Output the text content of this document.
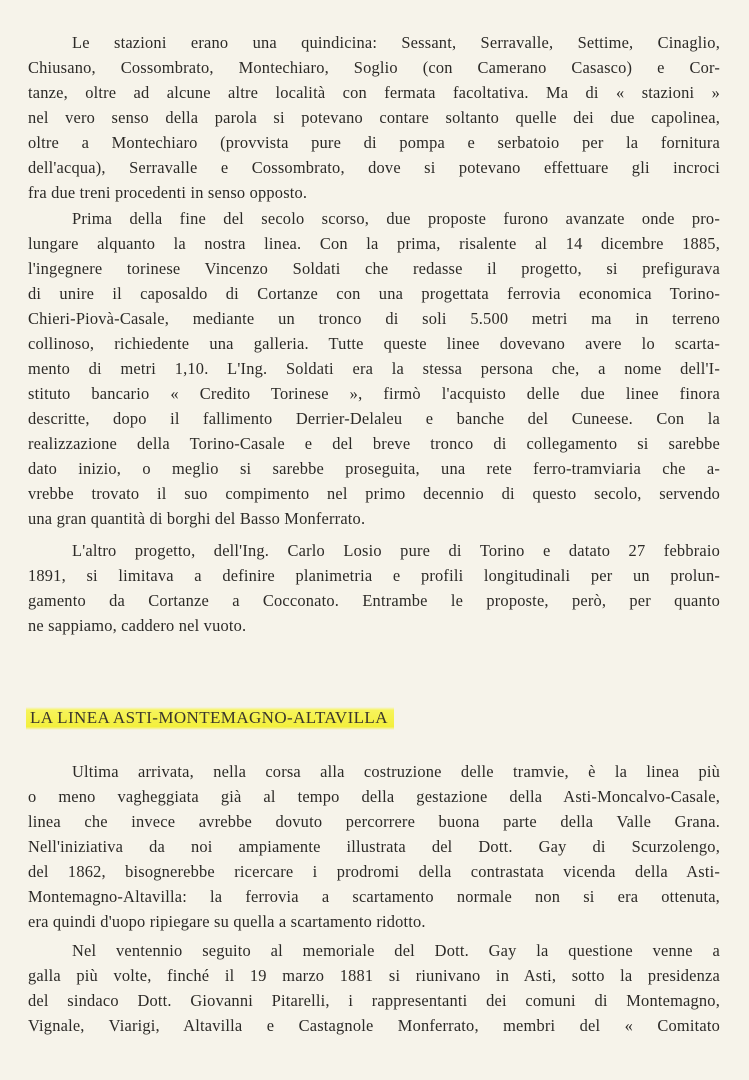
Le stazioni erano una quindicina: Sessant, Serravalle, Settime, Cinaglio,
Chiusano, Cossombrato, Montechiaro, Soglio (con Camerano Casasco) e Cor-
tanze, oltre ad alcune altre località con fermata facoltativa. Ma di « stazioni »
nel vero senso della parola si potevano contare soltanto quelle dei due capolinea,
oltre a Montechiaro (provvista pure di pompa e serbatoio per la fornitura
dell'acqua), Serravalle e Cossombrato, dove si potevano effettuare gli incroci
fra due treni procedenti in senso opposto.
Prima della fine del secolo scorso, due proposte furono avanzate onde pro-
lungare alquanto la nostra linea. Con la prima, risalente al 14 dicembre 1885,
l'ingegnere torinese Vincenzo Soldati che redasse il progetto, si prefigurava
di unire il caposaldo di Cortanze con una progettata ferrovia economica Torino-
Chieri-Piovà-Casale, mediante un tronco di soli 5.500 metri ma in terreno
collinoso, richiedente una galleria. Tutte queste linee dovevano avere lo scarta-
mento di metri 1,10. L'Ing. Soldati era la stessa persona che, a nome dell'I-
stituto bancario « Credito Torinese », firmò l'acquisto delle due linee finora
descritte, dopo il fallimento Derrier-Delaleu e banche del Cuneese. Con la
realizzazione della Torino-Casale e del breve tronco di collegamento si sarebbe
dato inizio, o meglio si sarebbe proseguita, una rete ferro-tramviaria che a-
vrebbe trovato il suo compimento nel primo decennio di questo secolo, servendo
una gran quantità di borghi del Basso Monferrato.
L'altro progetto, dell'Ing. Carlo Losio pure di Torino e datato 27 febbraio
1891, si limitava a definire planimetria e profili longitudinali per un prolun-
gamento da Cortanze a Cocconato. Entrambe le proposte, però, per quanto
ne sappiamo, caddero nel vuoto.
LA LINEA ASTI-MONTEMAGNO-ALTAVILLA
Ultima arrivata, nella corsa alla costruzione delle tramvie, è la linea più
o meno vagheggiata già al tempo della gestazione della Asti-Moncalvo-Casale,
linea che invece avrebbe dovuto percorrere buona parte della Valle Grana.
Nell'iniziativa da noi ampiamente illustrata del Dott. Gay di Scurzolengo,
del 1862, bisognerebbe ricercare i prodromi della contrastata vicenda della Asti-
Montemagno-Altavilla: la ferrovia a scartamento normale non si era ottenuta,
era quindi d'uopo ripiegare su quella a scartamento ridotto.
Nel ventennio seguito al memoriale del Dott. Gay la questione venne a
galla più volte, finché il 19 marzo 1881 si riunivano in Asti, sotto la presidenza
del sindaco Dott. Giovanni Pitarelli, i rappresentanti dei comuni di Montemagno,
Vignale, Viarigi, Altavilla e Castagnole Monferrato, membri del « Comitato
